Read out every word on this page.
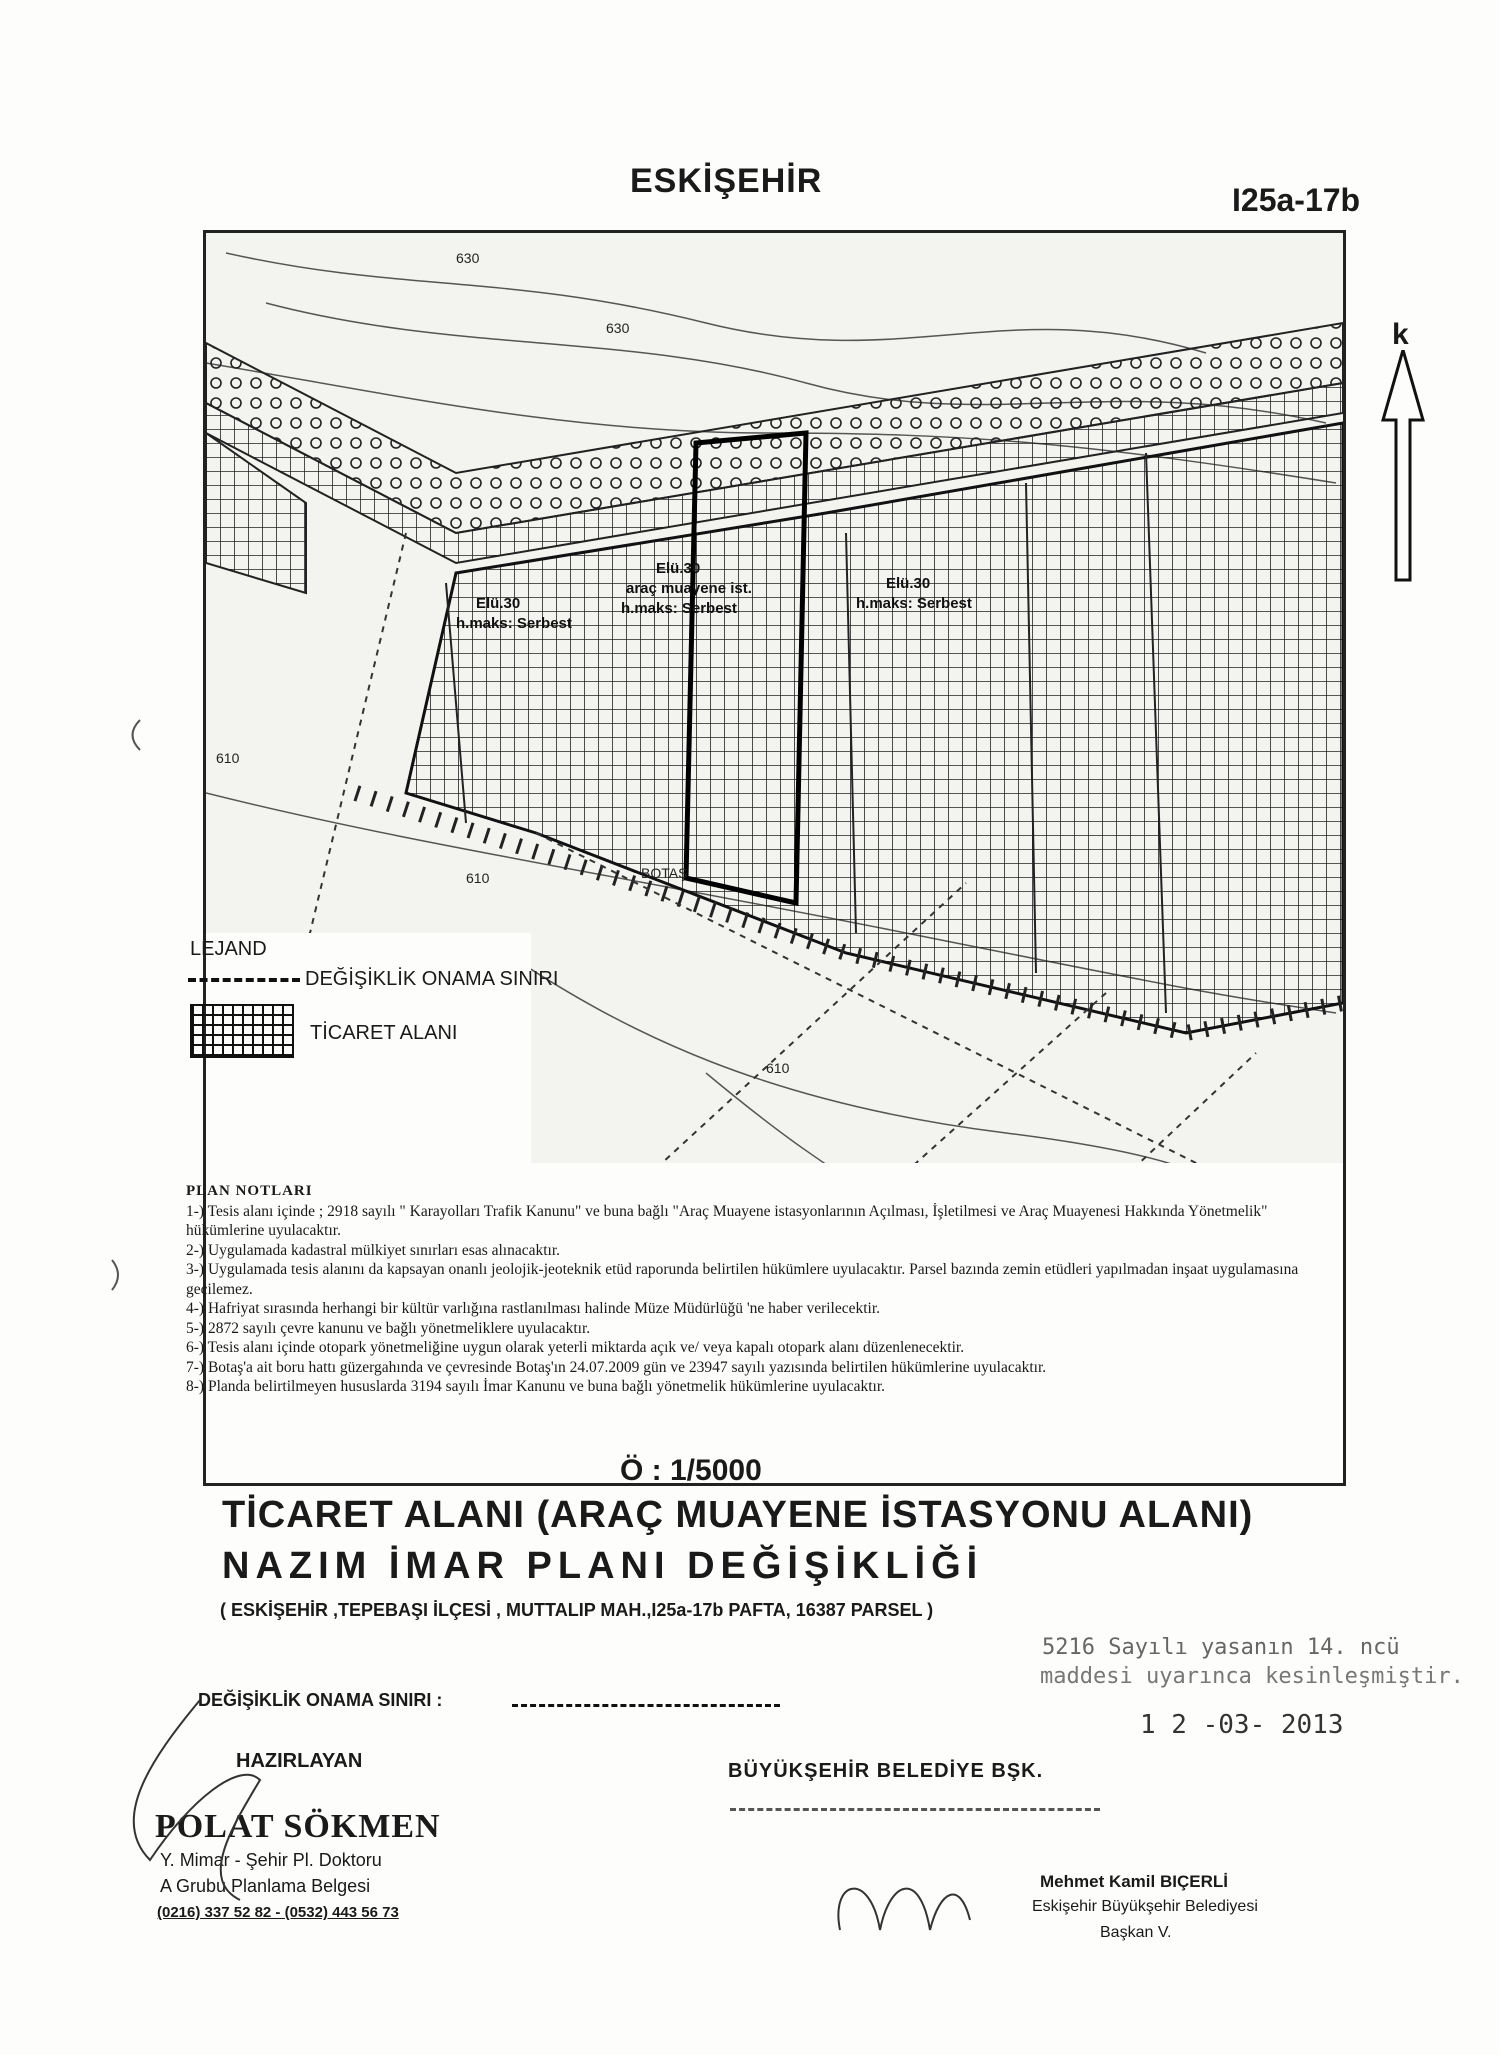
ESKİŞEHİR	I25a-17b
Elü.30
h.maks: Serbest
Elü.30
araç muayene ist.
h.maks: Serbest
Elü.30
h.maks: Serbest
630
630
610
610
610
BOTAŞ
k
LEJAND
DEĞİŞİKLİK ONAMA SINIRI
TİCARET ALANI
PLAN NOTLARI
1-) Tesis alanı içinde ; 2918 sayılı " Karayolları Trafik Kanunu" ve buna bağlı "Araç Muayene istasyonlarının Açılması, İşletilmesi ve Araç Muayenesi Hakkında Yönetmelik" hükümlerine uyulacaktır.
2-) Uygulamada kadastral mülkiyet sınırları esas alınacaktır.
3-) Uygulamada tesis alanını da kapsayan onanlı jeolojik-jeoteknik etüd raporunda belirtilen hükümlere uyulacaktır. Parsel bazında zemin etüdleri yapılmadan inşaat uygulamasına geçilemez.
4-) Hafriyat sırasında herhangi bir kültür varlığına rastlanılması halinde Müze Müdürlüğü 'ne haber verilecektir.
5-) 2872 sayılı çevre kanunu ve bağlı yönetmeliklere uyulacaktır.
6-) Tesis alanı içinde otopark yönetmeliğine uygun olarak yeterli miktarda açık ve/ veya kapalı otopark alanı düzenlenecektir.
7-) Botaş'a ait boru hattı güzergahında ve çevresinde Botaş'ın 24.07.2009 gün ve 23947 sayılı yazısında belirtilen hükümlerine uyulacaktır.
8-) Planda belirtilmeyen hususlarda 3194 sayılı İmar Kanunu ve buna bağlı yönetmelik hükümlerine uyulacaktır.
Ö : 1/5000
TİCARET ALANI (ARAÇ MUAYENE İSTASYONU ALANI)
NAZIM İMAR PLANI DEĞİŞİKLİĞİ
( ESKİŞEHİR ,TEPEBAŞI İLÇESİ , MUTTALIP MAH.,I25a-17b PAFTA, 16387 PARSEL )
5216 Sayılı yasanın 14. ncü
maddesi uyarınca kesinleşmiştir.
1 2 -03- 2013
DEĞİŞİKLİK ONAMA SINIRI :
HAZIRLAYAN	BÜYÜKŞEHİR BELEDİYE BŞK.
POLAT SÖKMEN
Y. Mimar - Şehir Pl. Doktoru
A Grubu Planlama Belgesi
(0216) 337 52 82 - (0532) 443 56 73
Mehmet Kamil BIÇERLİ
Eskişehir Büyükşehir Belediyesi
Başkan V.
